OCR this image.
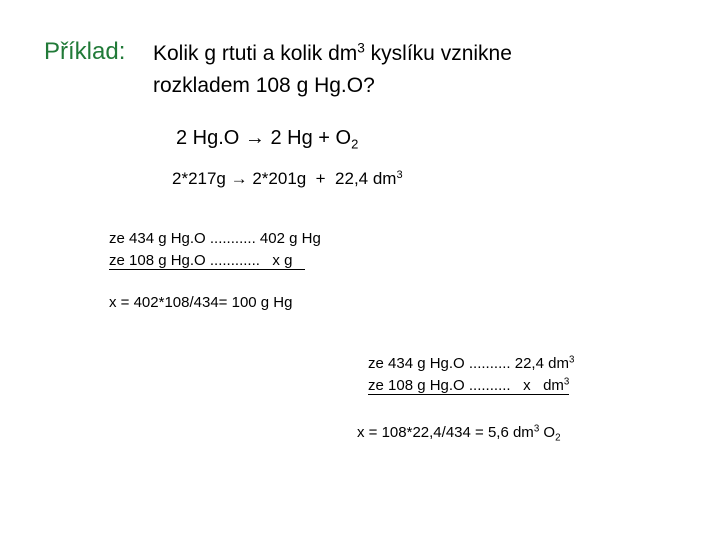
Příklad: Kolik g rtuti a kolik $dm^3$ kyslíku vznikne
rozkladem 108 g Hg.O?
2 Hg.O → 2 $Hg + O_2$
2*217g → 2*201g  +  22,4 $dm^3$
ze 434 g Hg.O ........... 402 g Hg
ze 108 g Hg.O ............   x g
x = 402*108/434= 100 g Hg
ze 434 g Hg.O .......... 22,4 $dm^3$
ze 108 g Hg.O ..........   x   $dm^3$
x = 108*22,4/434 = 5,6 $dm^3$ $O_2$
